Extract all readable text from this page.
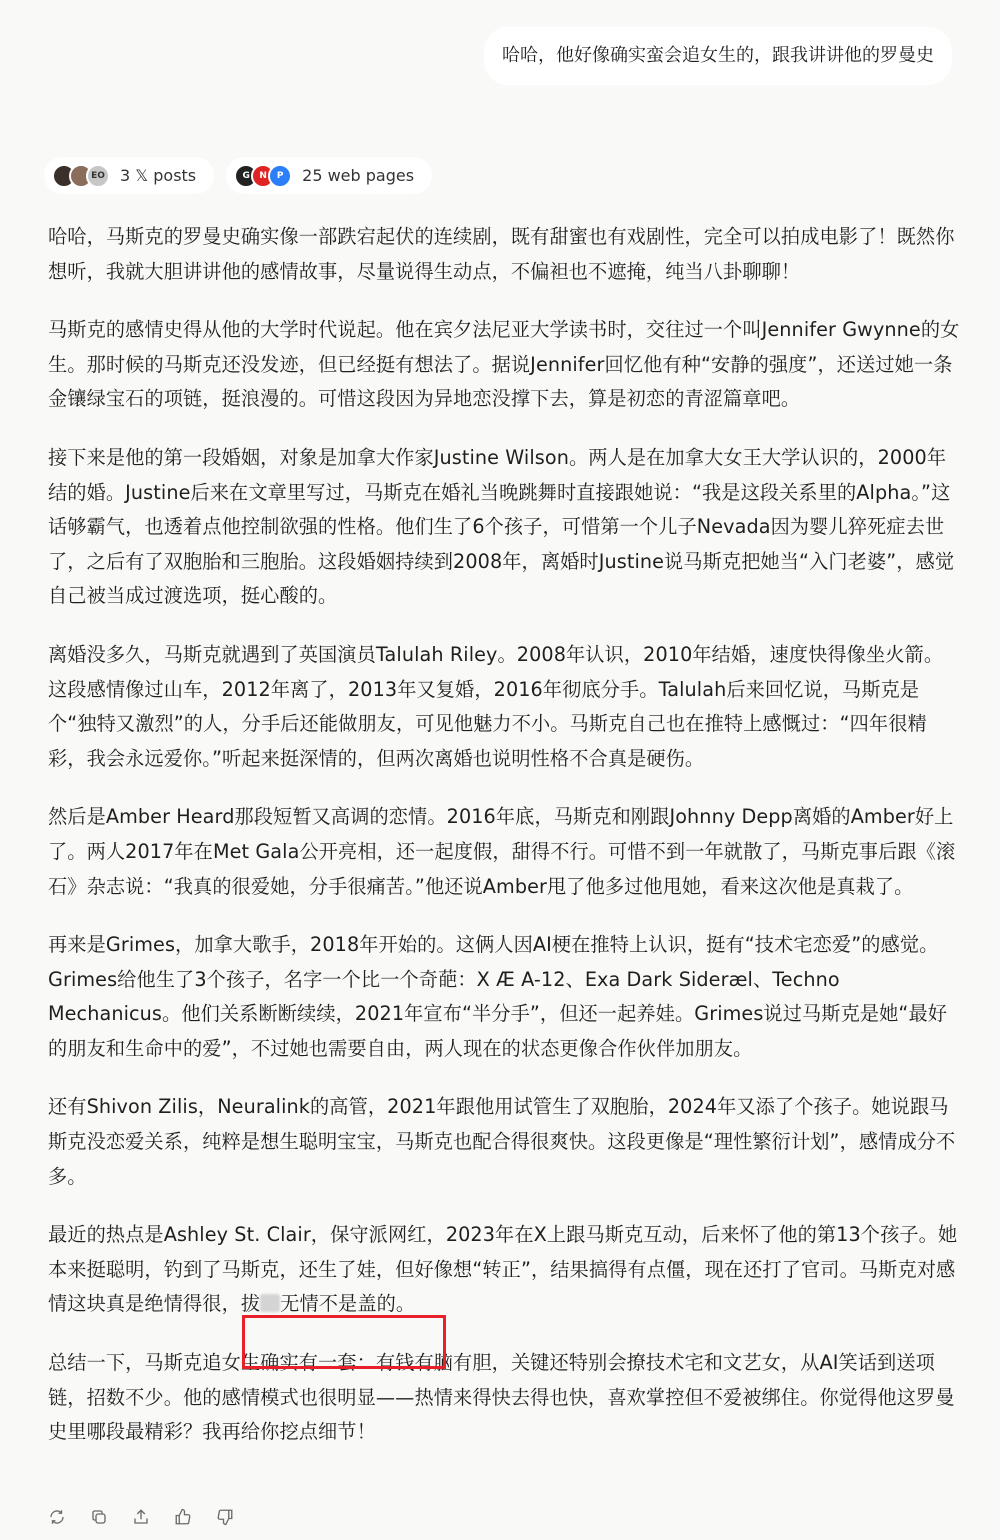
哈哈，他好像确实蛮会追女生的，跟我讲讲他的罗曼史
EO 3 𝕏 posts	G	N	P	25 web pages

哈哈，马斯克的罗曼史确实像一部跌宕起伏的连续剧，既有甜蜜也有戏剧性，完全可以拍成电影了！既然你想听，我就大胆讲讲他的感情故事，尽量说得生动点，不偏袒也不遮掩，纯当八卦聊聊！

马斯克的感情史得从他的大学时代说起。他在宾夕法尼亚大学读书时，交往过一个叫Jennifer Gwynne的女生。那时候的马斯克还没发迹，但已经挺有想法了。据说Jennifer回忆他有种“安静的强度”，还送过她一条金镶绿宝石的项链，挺浪漫的。可惜这段因为异地恋没撑下去，算是初恋的青涩篇章吧。

接下来是他的第一段婚姻，对象是加拿大作家Justine Wilson。两人是在加拿大女王大学认识的，2000年结的婚。Justine后来在文章里写过，马斯克在婚礼当晚跳舞时直接跟她说：“我是这段关系里的Alpha。”这话够霸气，也透着点他控制欲强的性格。他们生了6个孩子，可惜第一个儿子Nevada因为婴儿猝死症去世了，之后有了双胞胎和三胞胎。这段婚姻持续到2008年，离婚时Justine说马斯克把她当“入门老婆”，感觉自己被当成过渡选项，挺心酸的。

离婚没多久，马斯克就遇到了英国演员Talulah Riley。2008年认识，2010年结婚，速度快得像坐火箭。这段感情像过山车，2012年离了，2013年又复婚，2016年彻底分手。Talulah后来回忆说，马斯克是个“独特又激烈”的人，分手后还能做朋友，可见他魅力不小。马斯克自己也在推特上感慨过：“四年很精彩，我会永远爱你。”听起来挺深情的，但两次离婚也说明性格不合真是硬伤。

然后是Amber Heard那段短暂又高调的恋情。2016年底，马斯克和刚跟Johnny Depp离婚的Amber好上了。两人2017年在Met Gala公开亮相，还一起度假，甜得不行。可惜不到一年就散了，马斯克事后跟《滚石》杂志说：“我真的很爱她，分手很痛苦。”他还说Amber甩了他多过他甩她，看来这次他是真栽了。

再来是Grimes，加拿大歌手，2018年开始的。这俩人因AI梗在推特上认识，挺有“技术宅恋爱”的感觉。Grimes给他生了3个孩子，名字一个比一个奇葩：X Æ A-12、Exa Dark Sideræl、Techno Mechanicus。他们关系断断续续，2021年宣布“半分手”，但还一起养娃。Grimes说过马斯克是她“最好的朋友和生命中的爱”，不过她也需要自由，两人现在的状态更像合作伙伴加朋友。

还有Shivon Zilis，Neuralink的高管，2021年跟他用试管生了双胞胎，2024年又添了个孩子。她说跟马斯克没恋爱关系，纯粹是想生聪明宝宝，马斯克也配合得很爽快。这段更像是“理性繁衍计划”，感情成分不多。

最近的热点是Ashley St. Clair，保守派网红，2023年在X上跟马斯克互动，后来怀了他的第13个孩子。她本来挺聪明，钓到了马斯克，还生了娃，但好像想“转正”，结果搞得有点僵，现在还打了官司。马斯克对感情这块真是绝情得很，拔 无情不是盖的。

总结一下，马斯克追女生确实有一套：有钱有脑有胆，关键还特别会撩技术宅和文艺女，从AI笑话到送项链，招数不少。他的感情模式也很明显——热情来得快去得也快，喜欢掌控但不爱被绑住。你觉得他这罗曼史里哪段最精彩？我再给你挖点细节！
